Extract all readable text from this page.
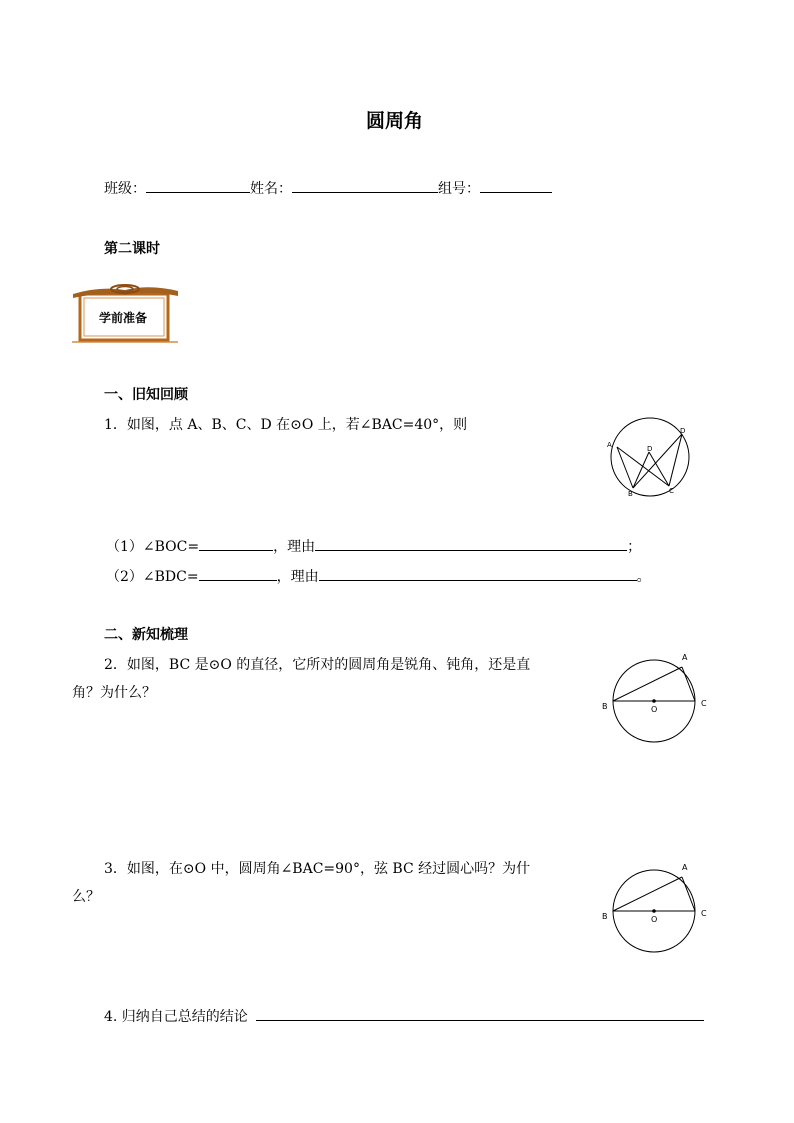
圆周角
班级：	姓名：	组号：
第二课时
学前准备
一、旧知回顾
1．如图，点 A、B、C、D 在⊙O 上，若∠BAC=40°，则
A
B	C
D
D
（1）∠BOC=	，理由	；
（2）∠BDC=	，理由	。
二、新知梳理
2．如图，BC 是⊙O 的直径，它所对的圆周角是锐角、钝角，还是直
角？为什么？
A
B	O
C
3．如图，在⊙O 中，圆周角∠BAC=90°，弦 BC 经过圆心吗？为什
么？
A
B	O
C
4. 归纳自己总结的结论
